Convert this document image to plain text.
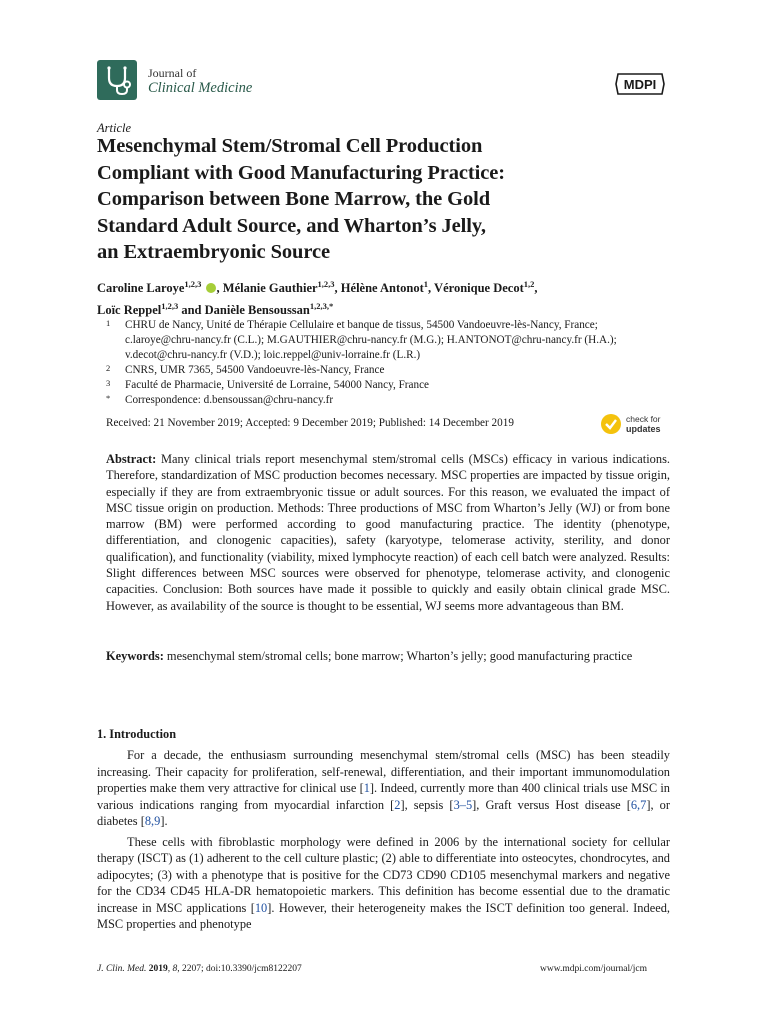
Journal of
Clinical Medicine	MDPI
Article
Mesenchymal Stem/Stromal Cell Production
Compliant with Good Manufacturing Practice:
Comparison between Bone Marrow, the Gold
Standard Adult Source, and Wharton’s Jelly,
an Extraembryonic Source
Caroline Laroye$^{1,2,3}$ , Mélanie Gauthier$^{1,2,3}$, Hélène Antonot$^1$, Véronique Decot$^{1,2}$,
Loïc Reppel$^{1,2,3}$ and Danièle Bensoussan$^{1,2,3,*}$
1 CHRU de Nancy, Unité de Thérapie Cellulaire et banque de tissus, 54500 Vandoeuvre-lès-Nancy, France;
c.laroye@chru-nancy.fr (C.L.); M.GAUTHIER@chru-nancy.fr (M.G.); H.ANTONOT@chru-nancy.fr (H.A.);
v.decot@chru-nancy.fr (V.D.); loic.reppel@univ-lorraine.fr (L.R.)
2 CNRS, UMR 7365, 54500 Vandoeuvre-lès-Nancy, France
3 Faculté de Pharmacie, Université de Lorraine, 54000 Nancy, France
* Correspondence: d.bensoussan@chru-nancy.fr
Received: 21 November 2019; Accepted: 9 December 2019; Published: 14 December 2019	check for
updates
Abstract: Many clinical trials report mesenchymal stem/stromal cells (MSCs) efficacy in various indications. Therefore, standardization of MSC production becomes necessary. MSC properties are impacted by tissue origin, especially if they are from extraembryonic tissue or adult sources. For this reason, we evaluated the impact of MSC tissue origin on production. Methods: Three productions of MSC from Wharton’s Jelly (WJ) or from bone marrow (BM) were performed according to good manufacturing practice. The identity (phenotype, differentiation, and clonogenic capacities), safety (karyotype, telomerase activity, sterility, and donor qualification), and functionality (viability, mixed lymphocyte reaction) of each cell batch were analyzed. Results: Slight differences between MSC sources were observed for phenotype, telomerase activity, and clonogenic capacities. Conclusion: Both sources have made it possible to quickly and easily obtain clinical grade MSC. However, as availability of the source is thought to be essential, WJ seems more advantageous than BM.
Keywords: mesenchymal stem/stromal cells; bone marrow; Wharton’s jelly; good manufacturing practice
1. Introduction

For a decade, the enthusiasm surrounding mesenchymal stem/stromal cells (MSC) has been steadily increasing. Their capacity for proliferation, self-renewal, differentiation, and their important immunomodulation properties make them very attractive for clinical use [1]. Indeed, currently more than 400 clinical trials use MSC in various indications ranging from myocardial infarction [2], sepsis [3–5], Graft versus Host disease [6,7], or diabetes [8,9].

These cells with fibroblastic morphology were defined in 2006 by the international society for cellular therapy (ISCT) as (1) adherent to the cell culture plastic; (2) able to differentiate into osteocytes, chondrocytes, and adipocytes; (3) with a phenotype that is positive for the CD73 CD90 CD105 mesenchymal markers and negative for the CD34 CD45 HLA-DR hematopoietic markers. This definition has become essential due to the dramatic increase in MSC applications [10]. However, their heterogeneity makes the ISCT definition too general. Indeed, MSC properties and phenotype

J. Clin. Med. 2019, 8, 2207; doi:10.3390/jcm8122207	www.mdpi.com/journal/jcm
